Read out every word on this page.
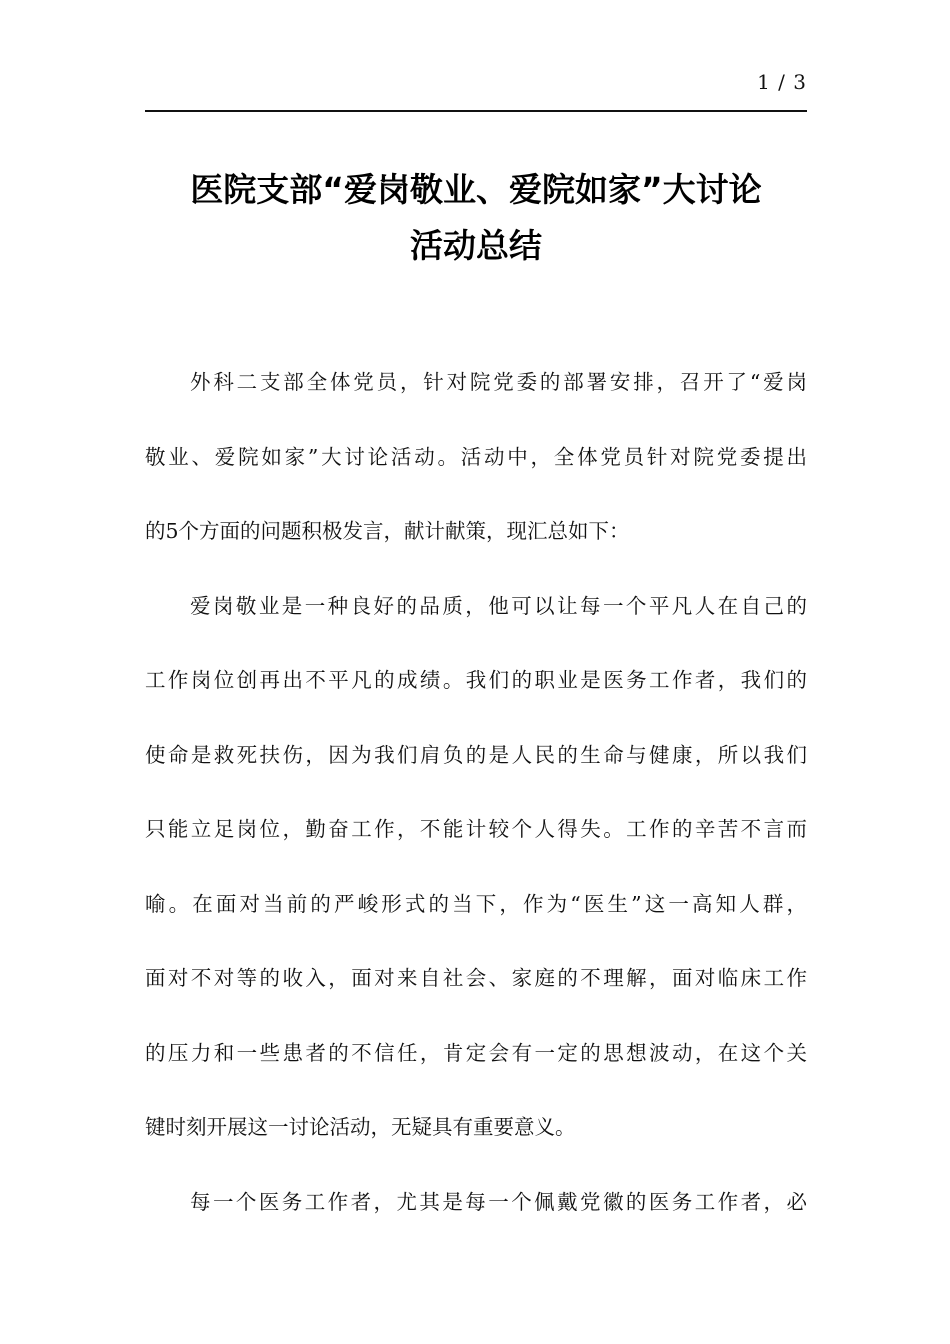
1 / 3
医院支部“爱岗敬业、爱院如家”大讨论
活动总结
外科二支部全体党员，针对院党委的部署安排，召开了“爱岗
敬业、爱院如家”大讨论活动。活动中，全体党员针对院党委提出
的5个方面的问题积极发言，献计献策，现汇总如下：
爱岗敬业是一种良好的品质，他可以让每一个平凡人在自己的
工作岗位创再出不平凡的成绩。我们的职业是医务工作者，我们的
使命是救死扶伤，因为我们肩负的是人民的生命与健康，所以我们
只能立足岗位，勤奋工作，不能计较个人得失。工作的辛苦不言而
喻。在面对当前的严峻形式的当下，作为“医生”这一高知人群，
面对不对等的收入，面对来自社会、家庭的不理解，面对临床工作
的压力和一些患者的不信任，肯定会有一定的思想波动，在这个关
键时刻开展这一讨论活动，无疑具有重要意义。
每一个医务工作者，尤其是每一个佩戴党徽的医务工作者，必
